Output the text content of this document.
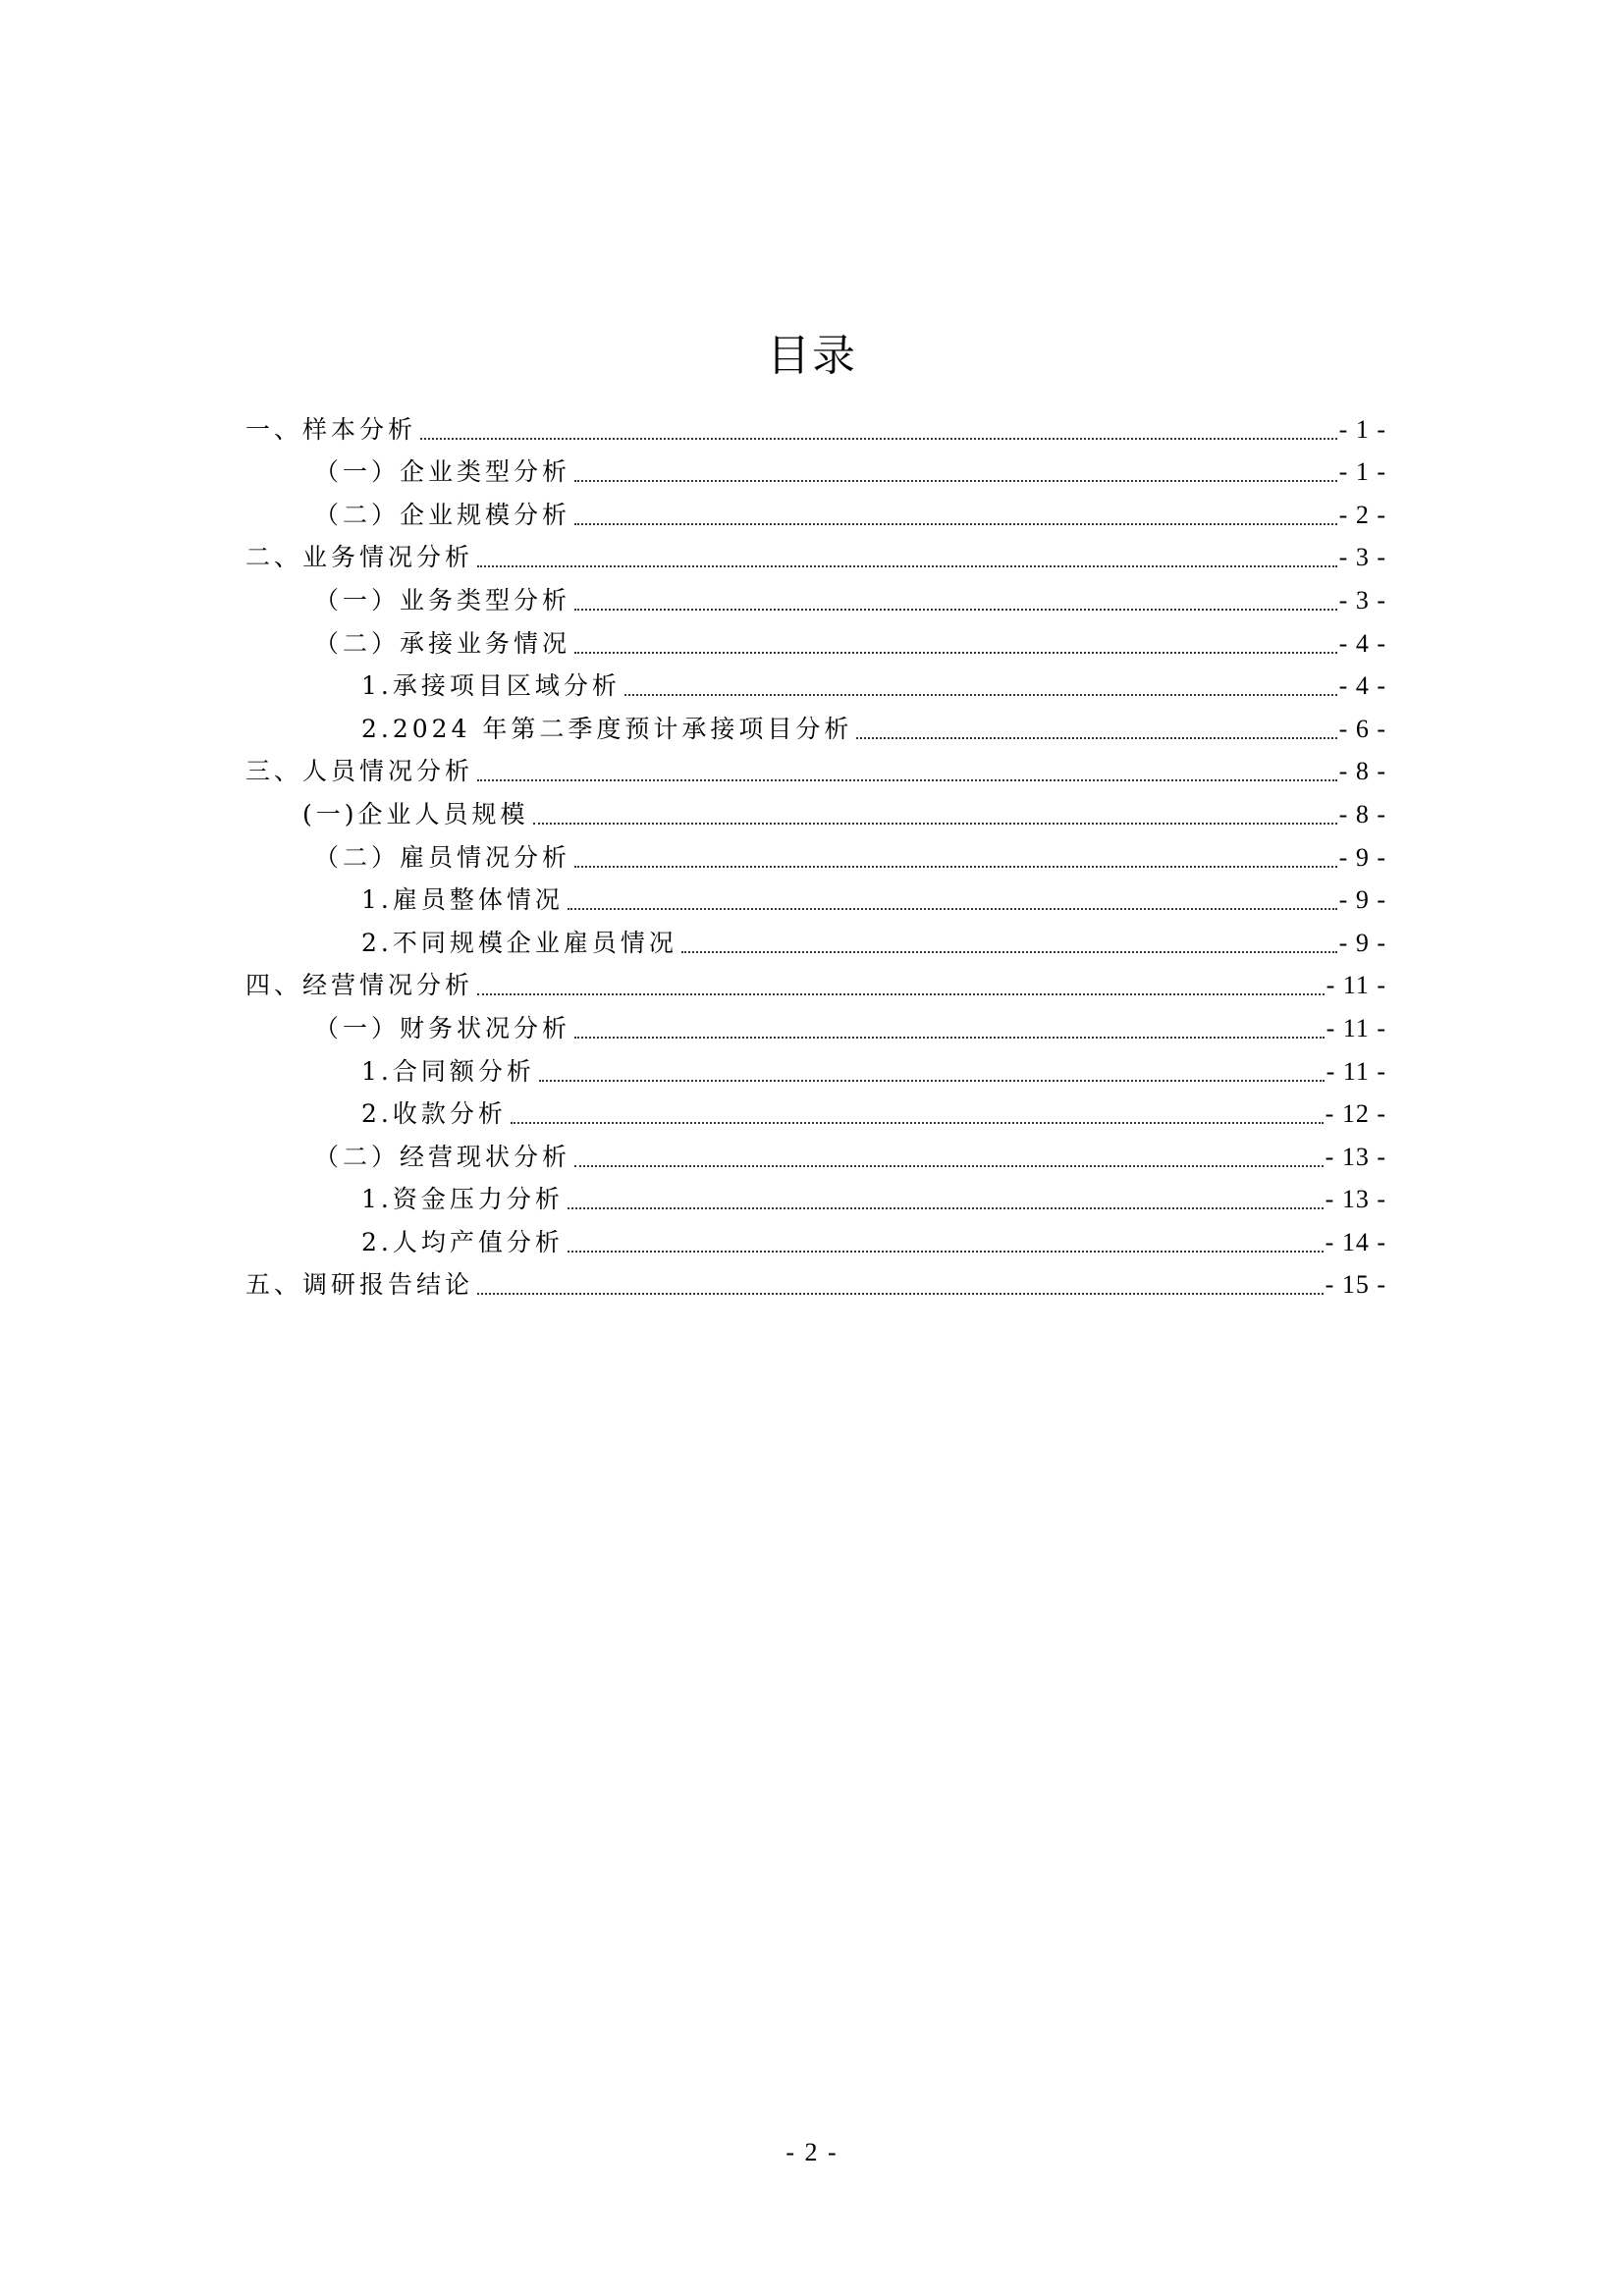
目录
一、样本分析	- 1 -
（一）企业类型分析	- 1 -
（二）企业规模分析	- 2 -
二、业务情况分析	- 3 -
（一）业务类型分析	- 3 -
（二）承接业务情况	- 4 -
1.承接项目区域分析	- 4 -
2.2024 年第二季度预计承接项目分析	- 6 -
三、人员情况分析	- 8 -
(一)企业人员规模	- 8 -
（二）雇员情况分析	- 9 -
1.雇员整体情况	- 9 -
2.不同规模企业雇员情况	- 9 -
四、经营情况分析	- 11 -
（一）财务状况分析	- 11 -
1.合同额分析	- 11 -
2.收款分析	- 12 -
（二）经营现状分析	- 13 -
1.资金压力分析	- 13 -
2.人均产值分析	- 14 -
五、调研报告结论	- 15 -
- 2 -
